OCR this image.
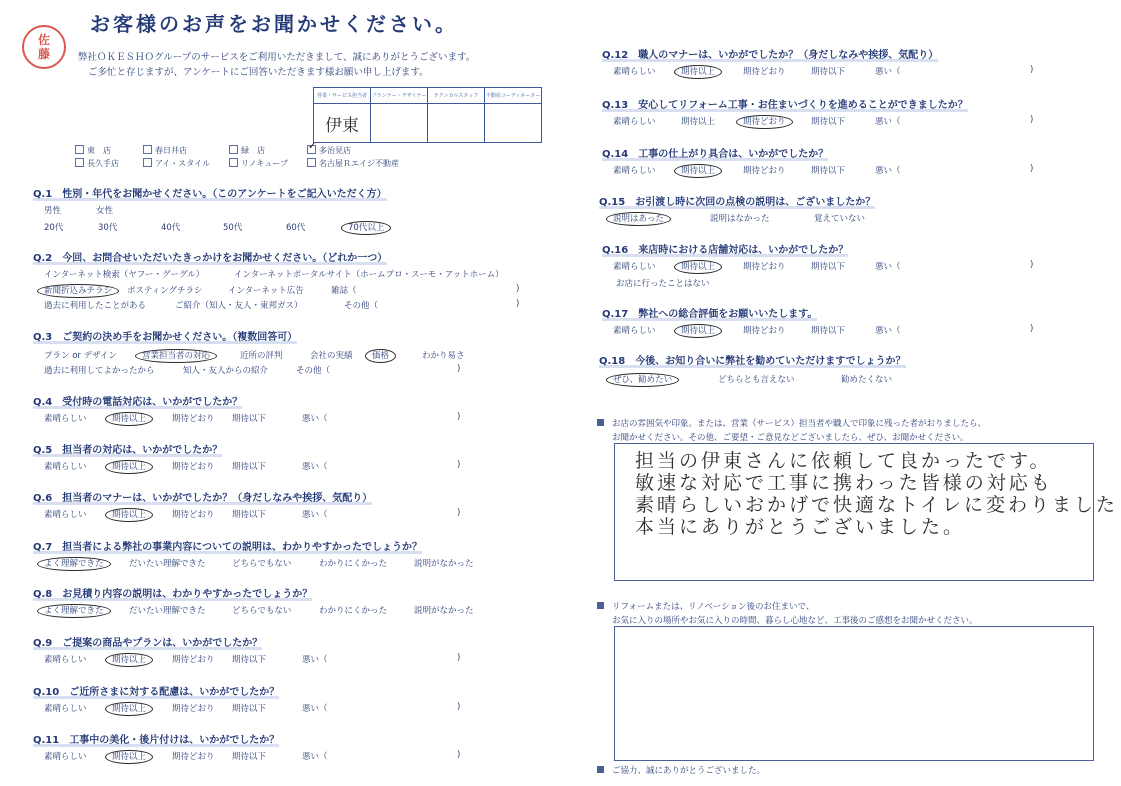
佐
藤
お客様のお声をお聞かせください。
弊社ＯＫＥＳＨＯグループのサービスをご利用いただきまして、誠にありがとうございます。
ご多忙と存じますが、アンケートにご回答いただきます様お願い申し上げます。
営業・サービス担当者	プランナー・デザイナー	テクニカルスタッフ	不動産コーディネーター
伊東			
東　店	春日井店	緑　店	✓ 多治見店
長久手店	アイ・スタイル	リノキューブ	名古屋Ｒエイジ不動産
Q.1　性別・年代をお聞かせください。（このアンケートをご記入いただく方）
男性	女性
20代	30代	40代	50代	60代	70代以上
Q.2　今回、お問合せいただいたきっかけをお聞かせください。（どれか一つ）
インターネット検索（ヤフー・グーグル）	インターネットポータルサイト（ホームプロ・スーモ・アットホーム）
新聞折込みチラシ ポスティングチラシ	インターネット広告	雑誌（	)
過去に利用したことがある	ご紹介（知人・友人・東邦ガス）	その他（	)
Q.3　ご契約の決め手をお聞かせください。（複数回答可）
プラン or デザイン	営業担当者の対応	近所の評判	会社の実績 価格	わかり易さ
過去に利用してよかったから	知人・友人からの紹介	その他（	)
Q.4　受付時の電話対応は、いかがでしたか？
素晴らしい	期待以上	期待どおり 期待以下	悪い（	)
Q.5　担当者の対応は、いかがでしたか？
素晴らしい	期待以上	期待どおり 期待以下	悪い（	)
Q.6　担当者のマナーは、いかがでしたか？（身だしなみや挨拶、気配り）
素晴らしい	期待以上	期待どおり 期待以下	悪い（	)
Q.7　担当者による弊社の事業内容についての説明は、わかりやすかったでしょうか？
よく理解できた	だいたい理解できた	どちらでもない	わかりにくかった	説明がなかった
Q.8　お見積り内容の説明は、わかりやすかったでしょうか？
よく理解できた	だいたい理解できた	どちらでもない	わかりにくかった	説明がなかった
Q.9　ご提案の商品やプランは、いかがでしたか？
素晴らしい	期待以上	期待どおり 期待以下	悪い（	)
Q.10　ご近所さまに対する配慮は、いかがでしたか？
素晴らしい	期待以上	期待どおり 期待以下	悪い（	)
Q.11　工事中の美化・後片付けは、いかがでしたか？
素晴らしい	期待以上	期待どおり 期待以下	悪い（	)
Q.12　職人のマナーは、いかがでしたか？（身だしなみや挨拶、気配り）
素晴らしい	期待以上	期待どおり	期待以下	悪い（	)
Q.13　安心してリフォーム工事・お住まいづくりを進めることができましたか？
素晴らしい	期待以上	期待どおり	期待以下	悪い（	)
Q.14　工事の仕上がり具合は、いかがでしたか？
素晴らしい	期待以上	期待どおり	期待以下	悪い（	)
Q.16　来店時における店舗対応は、いかがでしたか？
素晴らしい	期待以上	期待どおり	期待以下	悪い（	)
Q.17　弊社への総合評価をお願いいたします。
素晴らしい	期待以上	期待どおり	期待以下	悪い（	)
Q.15　お引渡し時に次回の点検の説明は、ございましたか？
説明はあった	説明はなかった	覚えていない
お店に行ったことはない
Q.18　今後、お知り合いに弊社を勧めていただけますでしょうか？
ぜひ、勧めたい	どちらとも言えない	勧めたくない
お店の雰囲気や印象。または、営業（サービス）担当者や職人で印象に残った者がおりましたら、
お聞かせください。その他、ご要望・ご意見などございましたら、ぜひ、お聞かせください。
担当の伊東さんに依頼して良かったです。
敏速な対応で工事に携わった皆様の対応も
素晴らしいおかげで快適なトイレに変わりました
本当にありがとうございました。
リフォームまたは、リノベーション後のお住まいで、
お気に入りの場所やお気に入りの時間、暮らし心地など、工事後のご感想をお聞かせください。
ご協力、誠にありがとうございました。
